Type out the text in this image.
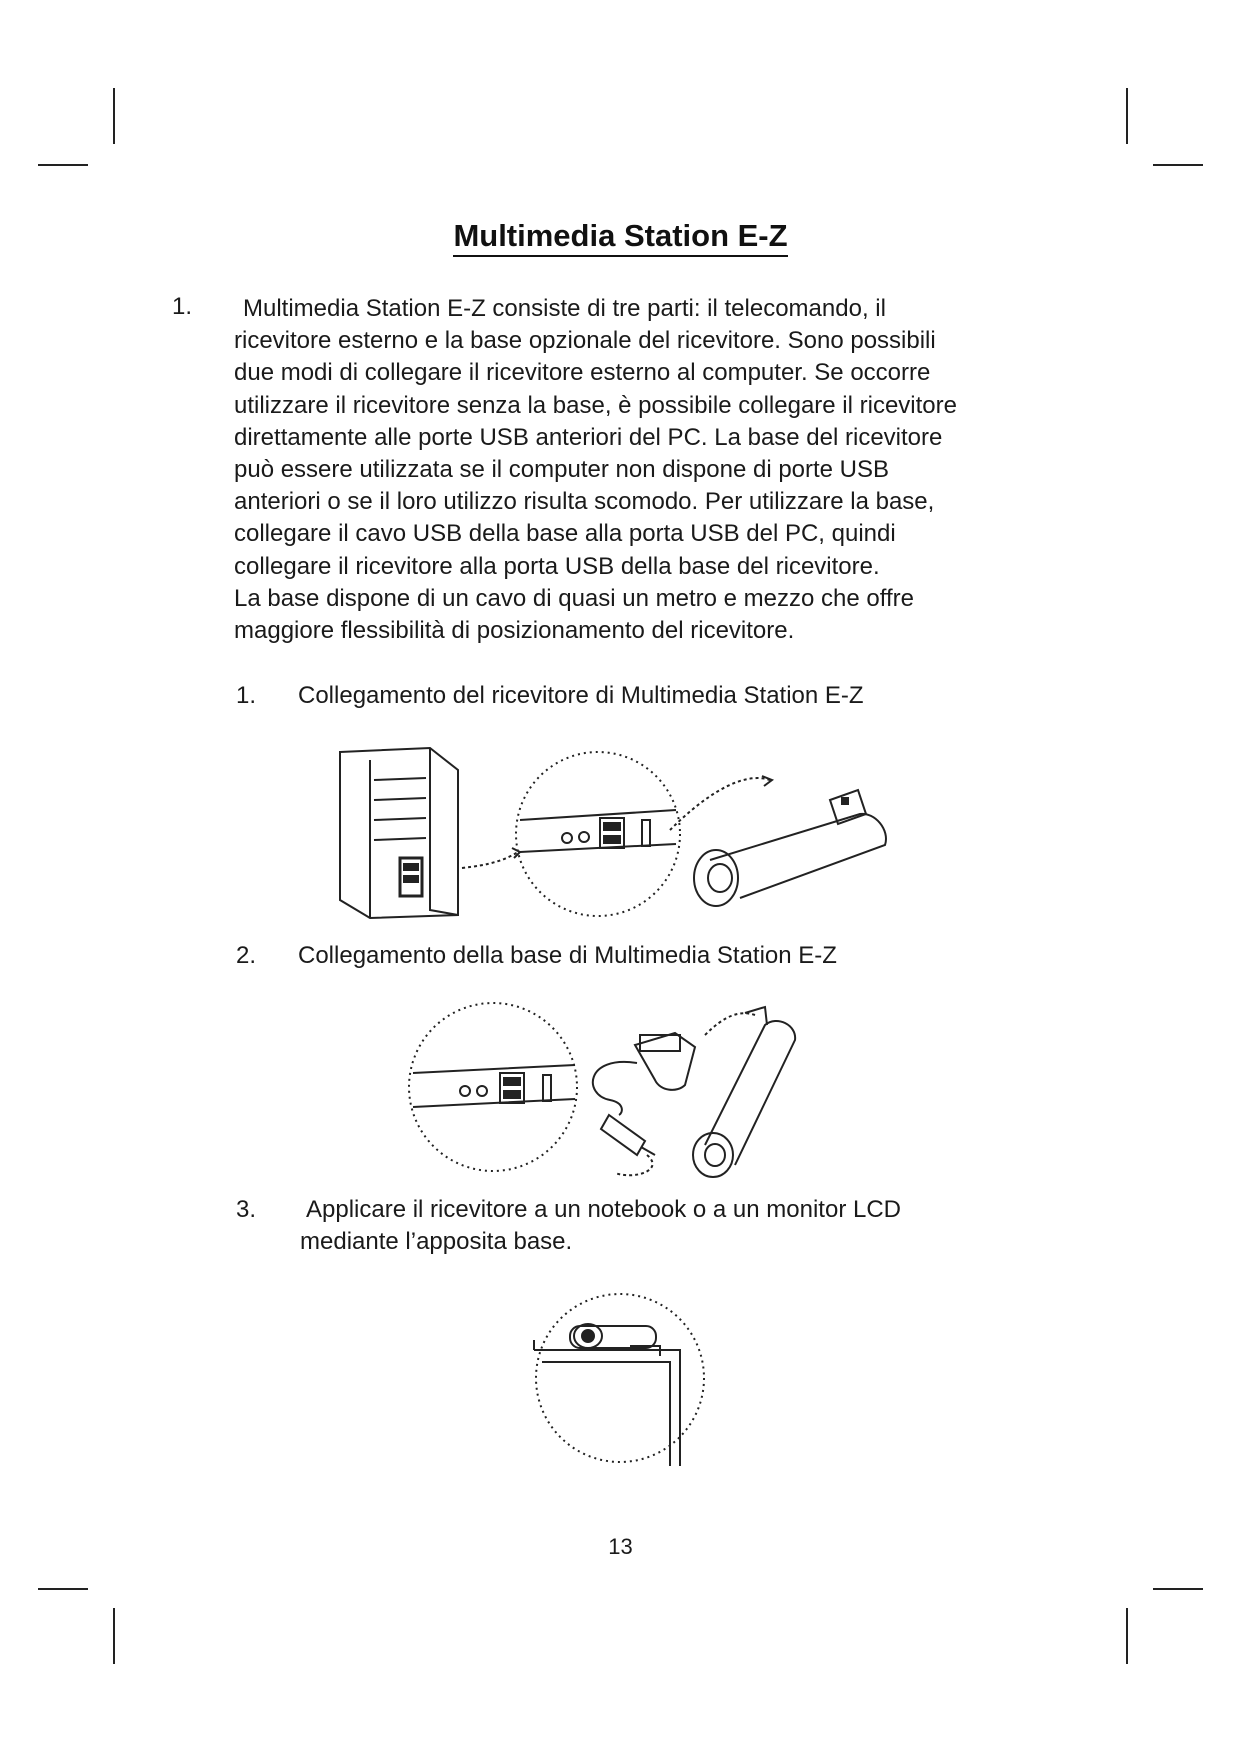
Multimedia Station E-Z
1.	Multimedia Station E-Z consiste di tre parti: il telecomando, il
ricevitore esterno e la base opzionale del ricevitore. Sono possibili
due modi di collegare il ricevitore esterno al computer. Se occorre
utilizzare il ricevitore senza la base, è possibile collegare il ricevitore
direttamente alle porte USB anteriori del PC. La base del ricevitore
può essere utilizzata se il computer non dispone di porte USB
anteriori o se il loro utilizzo risulta scomodo. Per utilizzare la base,
collegare il cavo USB della base alla porta USB del PC, quindi
collegare il ricevitore alla porta USB della base del ricevitore.
La base dispone di un cavo di quasi un metro e mezzo che offre
maggiore flessibilità di posizionamento del ricevitore.
1. Collegamento del ricevitore di Multimedia Station E-Z
2. Collegamento della base di Multimedia Station E-Z
3. Applicare il ricevitore a un notebook o a un monitor LCD
mediante l’apposita base.
13
